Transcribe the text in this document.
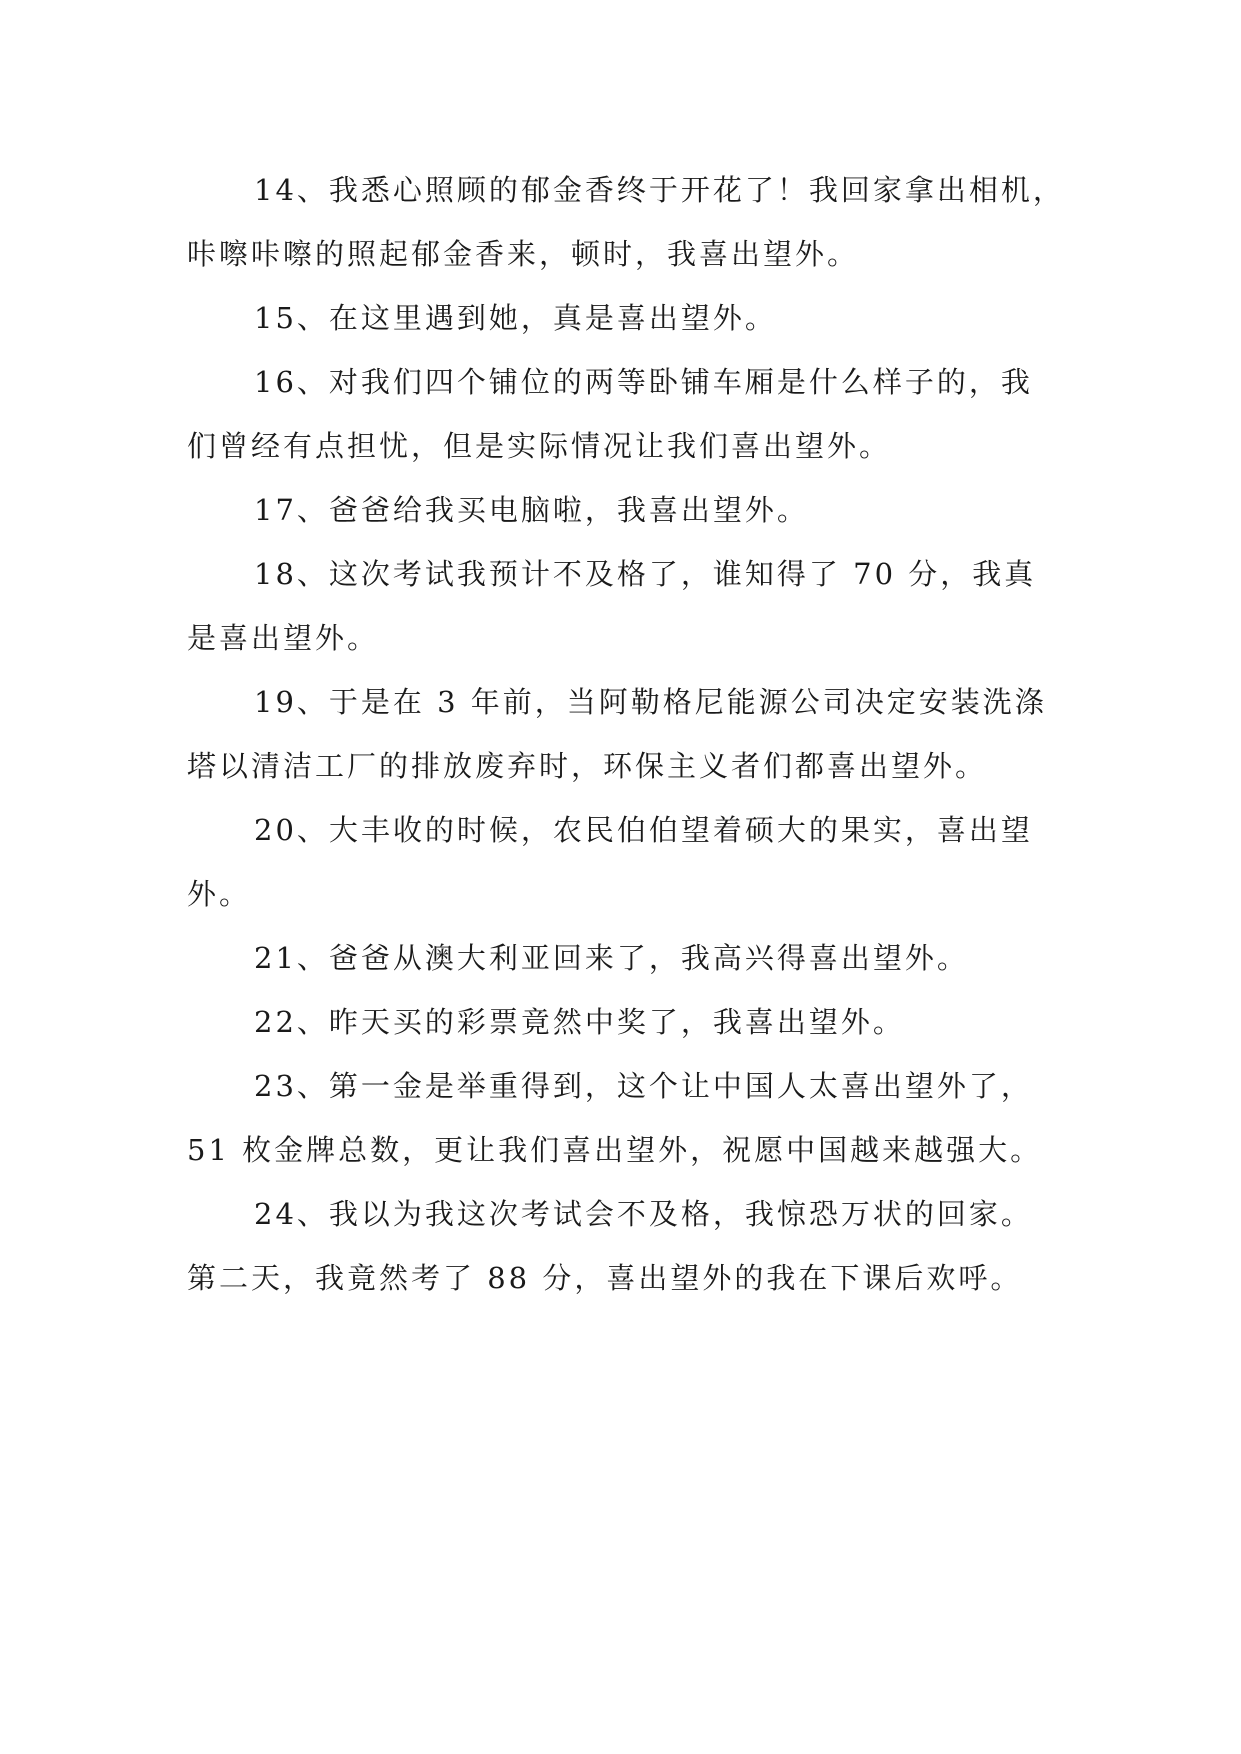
14、我悉心照顾的郁金香终于开花了！我回家拿出相机，
咔嚓咔嚓的照起郁金香来，顿时，我喜出望外。

15、在这里遇到她，真是喜出望外。

16、对我们四个铺位的两等卧铺车厢是什么样子的，我
们曾经有点担忧，但是实际情况让我们喜出望外。

17、爸爸给我买电脑啦，我喜出望外。

18、这次考试我预计不及格了，谁知得了 70 分，我真
是喜出望外。

19、于是在 3 年前，当阿勒格尼能源公司决定安装洗涤
塔以清洁工厂的排放废弃时，环保主义者们都喜出望外。

20、大丰收的时候，农民伯伯望着硕大的果实，喜出望
外。

21、爸爸从澳大利亚回来了，我高兴得喜出望外。

22、昨天买的彩票竟然中奖了，我喜出望外。

23、第一金是举重得到，这个让中国人太喜出望外了，
51 枚金牌总数，更让我们喜出望外，祝愿中国越来越强大。

24、我以为我这次考试会不及格，我惊恐万状的回家。
第二天，我竟然考了 88 分，喜出望外的我在下课后欢呼。
